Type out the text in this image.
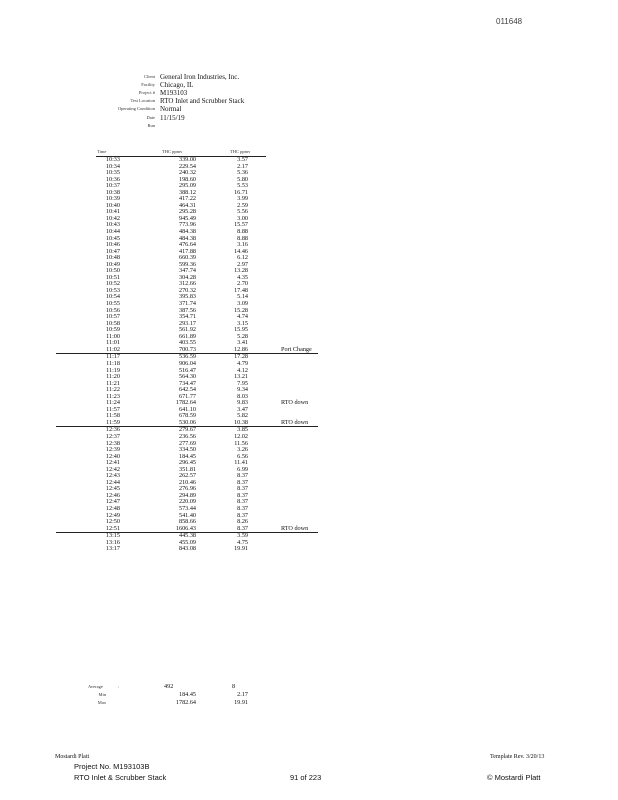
011648
Client General Iron Industries, Inc.
Facility Chicago, IL
Project # M193103
Test Location RTO Inlet and Scrubber Stack
Operating Condition Normal
Date 11/15/19
Run
Time	THC ppmv	THC ppmv
10:33	339.00	3.57
10:34	229.54	2.17
10:35	240.32	5.36
10:36	198.60	5.80
10:37	295.09	5.53
10:38	388.12	16.71
10:39	417.22	3.99
10:40	464.31	2.59
10:41	295.28	5.56
10:42	945.49	3.00
10:43	773.96	15.57
10:44	484.38	8.88
10:45	484.38	8.88
10:46	476.64	3.16
10:47	417.88	14.46
10:48	660.39	6.12
10:49	599.36	2.97
10:50	347.74	13.28
10:51	304.28	4.35
10:52	312.66	2.70
10:53	270.32	17.48
10:54	395.83	5.14
10:55	371.74	3.09
10:56	387.56	15.28
10:57	354.71	4.74
10:58	293.17	3.15
10:59	561.92	15.95
11:00	661.89	5.28
11:01	403.55	3.41
11:02	700.73	12.86	Port Change
11:17	536.59	17.28
11:18	906.04	4.79
11:19	516.47	4.12
11:20	564.30	13.21
11:21	734.47	7.95
11:22	642.54	9.34
11:23	671.77	8.03
11:24	1782.64	9.83	RTO down
11:57	641.10	3.47
11:58	678.59	5.82
11:59	530.06	10.38	RTO down
12:36	279.67	3.85
12:37	236.56	12.02
12:38	277.69	11.56
12:39	334.50	3.26
12:40	184.45	6.56
12:41	296.45	11.41
12:42	351.81	6.99
12:43	262.57	8.37
12:44	210.46	8.37
12:45	276.96	8.37
12:46	294.89	8.37
12:47	220.09	8.37
12:48	573.44	8.37
12:49	541.40	8.37
12:50	858.66	8.26
12:51	1606.43	8.37	RTO down
13:15	445.38	3.59
13:16	455.09	4.75
13:17	843.08	19.91
Average	:	492	8
Min	184.45	2.17
Max	1782.64	19.91
Mostardi Platt	Template Rev. 3/20/13
Project No. M193103B
RTO Inlet & Scrubber Stack	91 of 223	© Mostardi Platt
